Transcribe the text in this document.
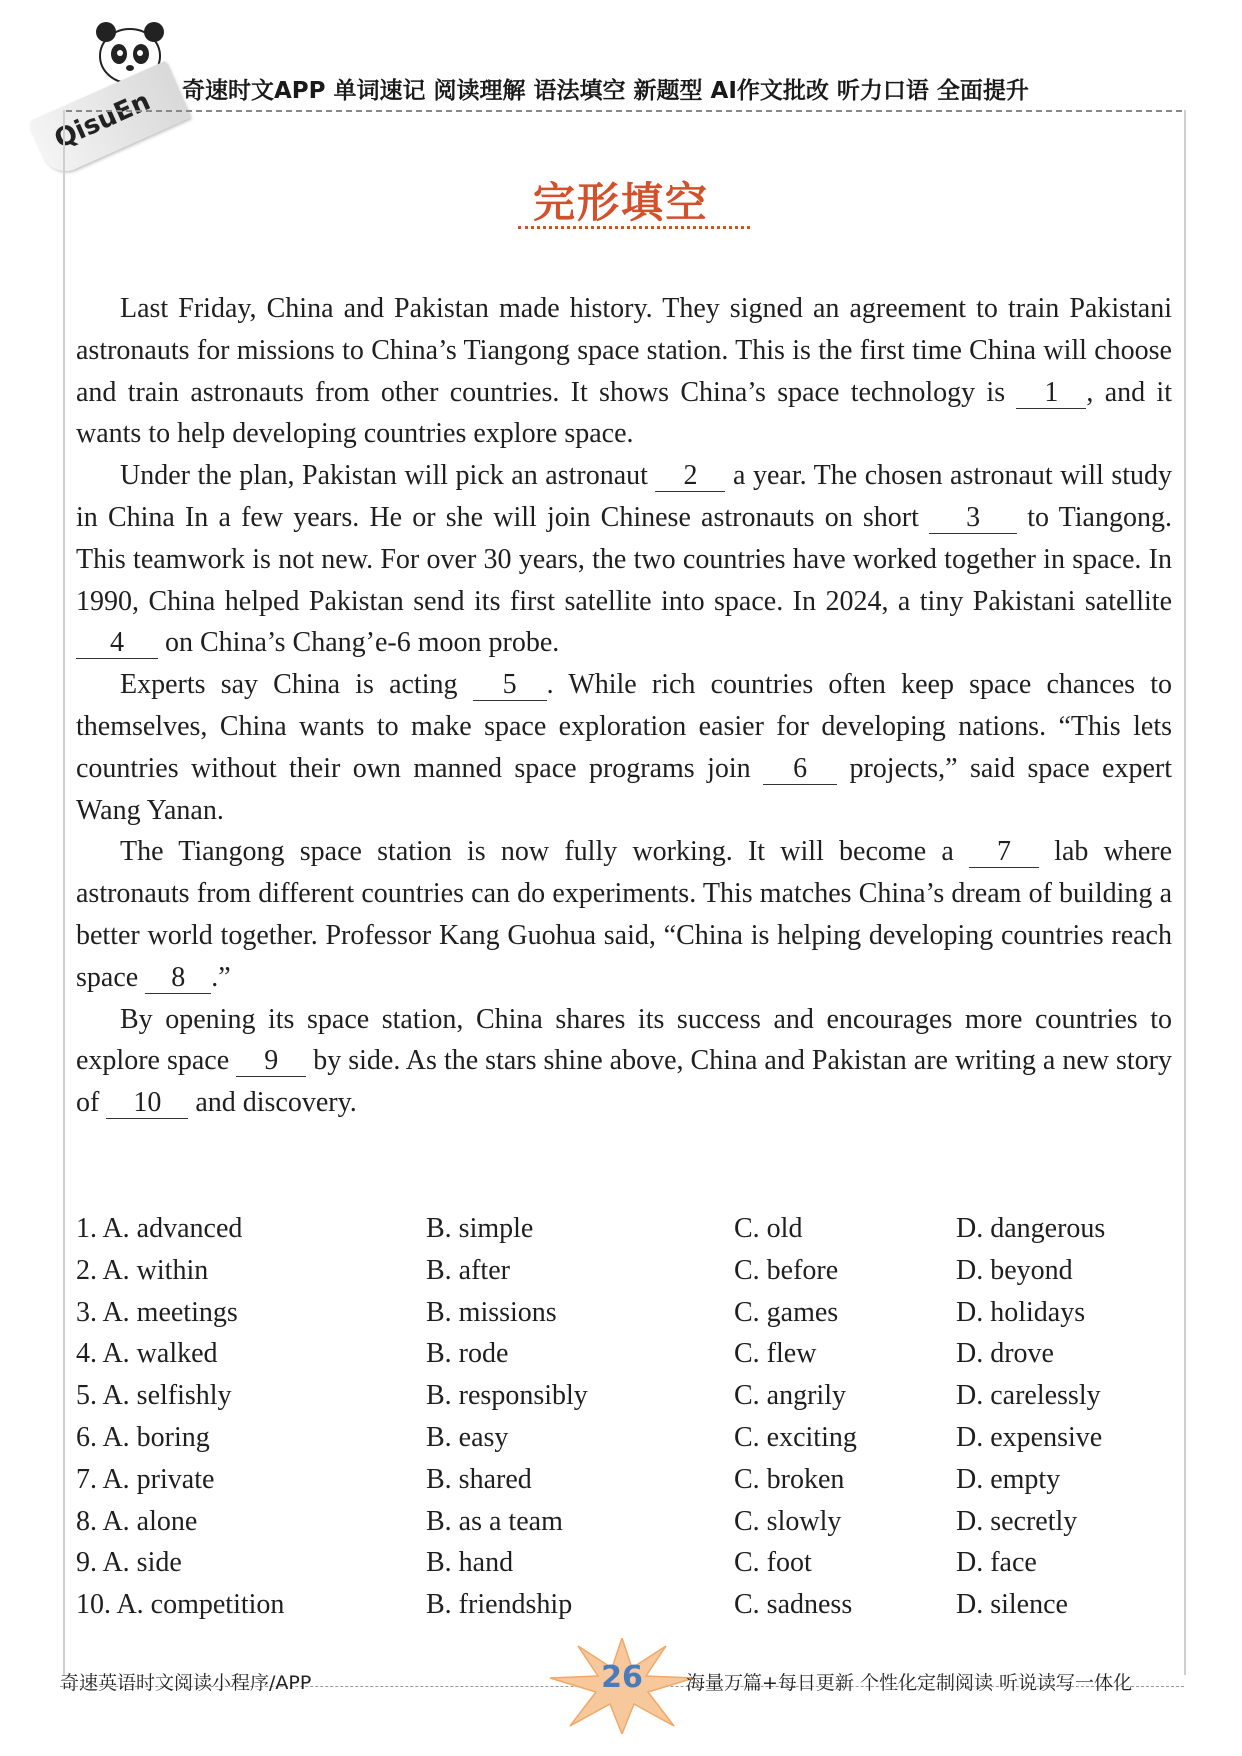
QisuEn 奇速时文APP 单词速记 阅读理解 语法填空 新题型 AI作文批改 听力口语 全面提升
完形填空

Last Friday, China and Pakistan made history. They signed an agreement to train Pakistani astronauts for missions to China’s Tiangong space station. This is the first time China will choose and train astronauts from other countries. It shows China’s space technology is 1 , and it wants to help developing countries explore space.

Under the plan, Pakistan will pick an astronaut 2 a year. The chosen astronaut will study in China In a few years. He or she will join Chinese astronauts on short 3 to Tiangong. This teamwork is not new. For over 30 years, the two countries have worked together in space. In 1990, China helped Pakistan send its first satellite into space. In 2024, a tiny Pakistani satellite 4 on China’s Chang’e-6 moon probe.

Experts say China is acting 5 . While rich countries often keep space chances to themselves, China wants to make space exploration easier for developing nations. “This lets countries without their own manned space programs join 6 projects,” said space expert Wang Yanan.

The Tiangong space station is now fully working. It will become a 7 lab where astronauts from different countries can do experiments. This matches China’s dream of building a better world together. Professor Kang Guohua said, “China is helping developing countries reach space 8 .”

By opening its space station, China shares its success and encourages more countries to explore space 9 by side. As the stars shine above, China and Pakistan are writing a new story of 10 and discovery.

1. A. advanced	B. simple	C. old	D. dangerous
2. A. within	B. after	C. before	D. beyond
3. A. meetings	B. missions	C. games	D. holidays
4. A. walked	B. rode	C. flew	D. drove
5. A. selfishly	B. responsibly	C. angrily	D. carelessly
6. A. boring	B. easy	C. exciting	D. expensive
7. A. private	B. shared	C. broken	D. empty
8. A. alone	B. as a team	C. slowly	D. secretly
9. A. side	B. hand	C. foot	D. face
10. A. competition	B. friendship	C. sadness	D. silence
奇速英语时文阅读小程序/APP	26	海量万篇+每日更新 个性化定制阅读 听说读写一体化
